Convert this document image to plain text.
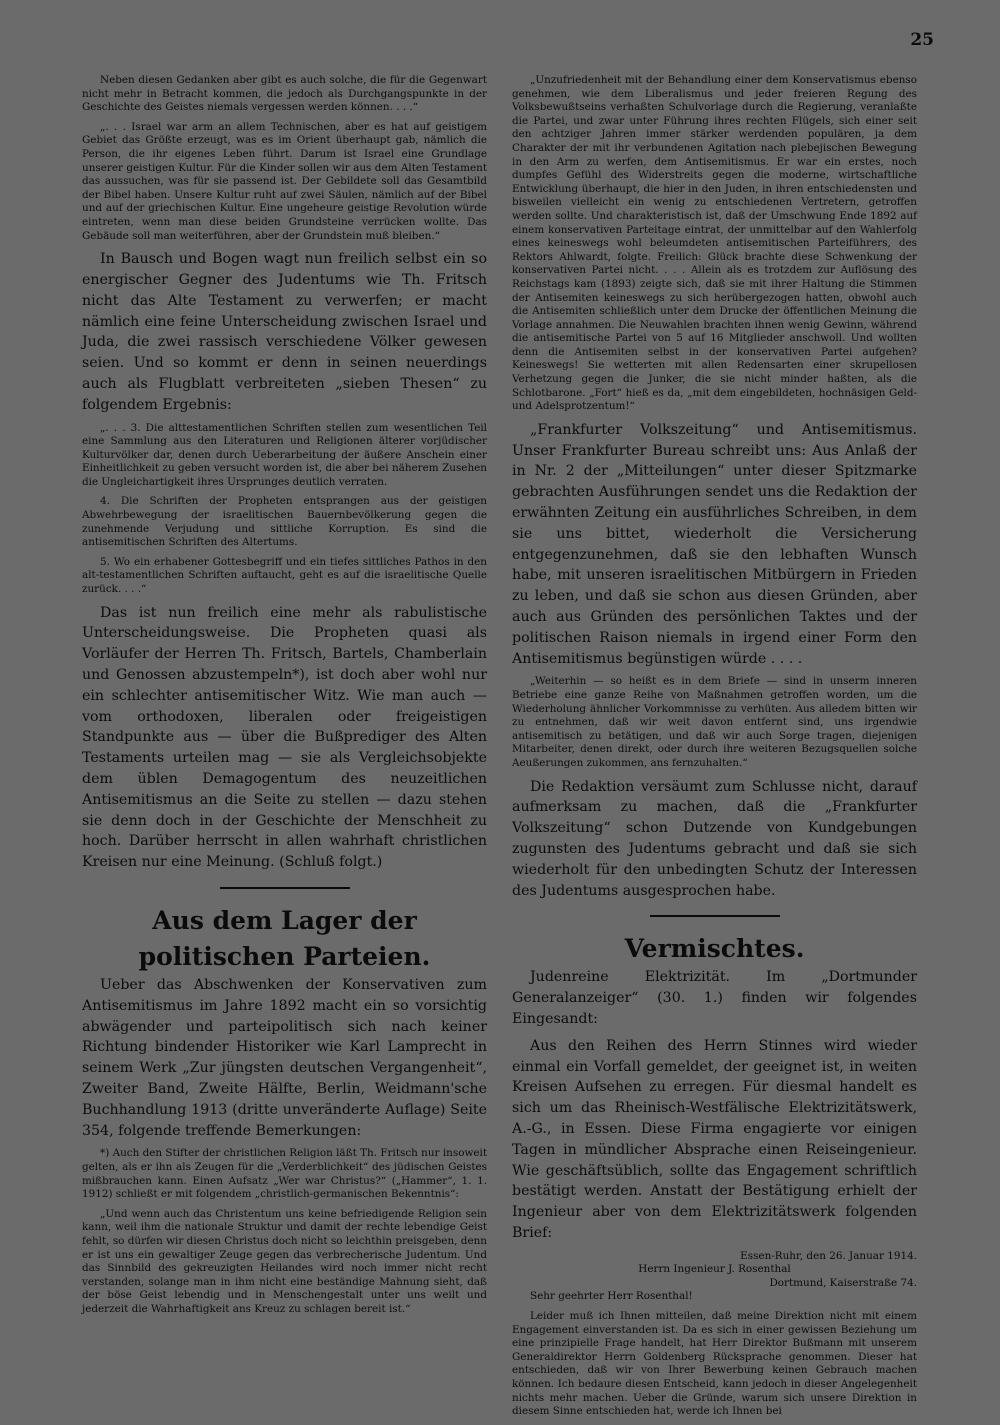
25

Neben diesen Gedanken aber gibt es auch solche, die für die Gegenwart nicht mehr in Betracht kommen, die jedoch als Durchgangspunkte in der Geschichte des Geistes niemals vergessen werden können. . . .“

„. . . Israel war arm an allem Technischen, aber es hat auf geistigem Gebiet das Größte erzeugt, was es im Orient überhaupt gab, nämlich die Person, die ihr eigenes Leben führt. Darum ist Israel eine Grundlage unserer geistigen Kultur. Für die Kinder sollen wir aus dem Alten Testament das aussuchen, was für sie passend ist. Der Gebildete soll das Gesamtbild der Bibel haben. Unsere Kultur ruht auf zwei Säulen, nämlich auf der Bibel und auf der griechischen Kultur. Eine ungeheure geistige Revolution würde eintreten, wenn man diese beiden Grundsteine verrücken wollte. Das Gebäude soll man weiterführen, aber der Grundstein muß bleiben.“

In Bausch und Bogen wagt nun freilich selbst ein so energischer Gegner des Judentums wie Th. Fritsch nicht das Alte Testament zu verwerfen; er macht nämlich eine feine Unterscheidung zwischen Israel und Juda, die zwei rassisch verschiedene Völker gewesen seien. Und so kommt er denn in seinen neuerdings auch als Flugblatt verbreiteten „sieben Thesen“ zu folgendem Ergebnis:

„. . . 3. Die alttestamentlichen Schriften stellen zum wesentlichen Teil eine Sammlung aus den Literaturen und Religionen älterer vorjüdischer Kulturvölker dar, denen durch Ueberarbeitung der äußere Anschein einer Einheitlichkeit zu geben versucht worden ist, die aber bei näherem Zusehen die Ungleichartigkeit ihres Ursprunges deutlich verraten.

4. Die Schriften der Propheten entsprangen aus der geistigen Abwehrbewegung der israelitischen Bauernbevölkerung gegen die zunehmende Verjudung und sittliche Korruption. Es sind die antisemitischen Schriften des Altertums.

5. Wo ein erhabener Gottesbegriff und ein tiefes sittliches Pathos in den alt-testamentlichen Schriften auftaucht, geht es auf die israelitische Quelle zurück. . . .“

Das ist nun freilich eine mehr als rabulistische Unterscheidungsweise. Die Propheten quasi als Vorläufer der Herren Th. Fritsch, Bartels, Chamberlain und Genossen abzustempeln*), ist doch aber wohl nur ein schlechter antisemitischer Witz. Wie man auch — vom orthodoxen, liberalen oder freigeistigen Standpunkte aus — über die Bußprediger des Alten Testaments urteilen mag — sie als Vergleichsobjekte dem üblen Demagogentum des neuzeitlichen Antisemitismus an die Seite zu stellen — dazu stehen sie denn doch in der Geschichte der Menschheit zu hoch. Darüber herrscht in allen wahrhaft christlichen Kreisen nur eine Meinung. (Schluß folgt.)

Aus dem Lager der politischen Parteien.

Ueber das Abschwenken der Konservativen zum Antisemitismus im Jahre 1892 macht ein so vorsichtig abwägender und parteipolitisch sich nach keiner Richtung bindender Historiker wie Karl Lamprecht in seinem Werk „Zur jüngsten deutschen Vergangenheit“, Zweiter Band, Zweite Hälfte, Berlin, Weidmann'sche Buchhandlung 1913 (dritte unveränderte Auflage) Seite 354, folgende treffende Bemerkungen:

*) Auch den Stifter der christlichen Religion läßt Th. Fritsch nur insoweit gelten, als er ihn als Zeugen für die „Verderblichkeit“ des jüdischen Geistes mißbrauchen kann. Einen Aufsatz „Wer war Christus?“ („Hammer“, 1. 1. 1912) schließt er mit folgendem „christlich-germanischen Bekenntnis“:

„Und wenn auch das Christentum uns keine befriedigende Religion sein kann, weil ihm die nationale Struktur und damit der rechte lebendige Geist fehlt, so dürfen wir diesen Christus doch nicht so leichthin preisgeben, denn er ist uns ein gewaltiger Zeuge gegen das verbrecherische Judentum. Und das Sinnbild des gekreuzigten Heilandes wird noch immer nicht recht verstanden, solange man in ihm nicht eine beständige Mahnung sieht, daß der böse Geist lebendig und in Menschengestalt unter uns weilt und jederzeit die Wahrhaftigkeit ans Kreuz zu schlagen bereit ist.“

„Unzufriedenheit mit der Behandlung einer dem Konservatismus ebenso genehmen, wie dem Liberalismus und jeder freieren Regung des Volksbewußtseins verhaßten Schulvorlage durch die Regierung, veranlaßte die Partei, und zwar unter Führung ihres rechten Flügels, sich einer seit den achtziger Jahren immer stärker werdenden populären, ja dem Charakter der mit ihr verbundenen Agitation nach plebejischen Bewegung in den Arm zu werfen, dem Antisemitismus. Er war ein erstes, noch dumpfes Gefühl des Widerstreits gegen die moderne, wirtschaftliche Entwicklung überhaupt, die hier in den Juden, in ihren entschiedensten und bisweilen vielleicht ein wenig zu entschiedenen Vertretern, getroffen werden sollte. Und charakteristisch ist, daß der Umschwung Ende 1892 auf einem konservativen Parteitage eintrat, der unmittelbar auf den Wahlerfolg eines keineswegs wohl beleumdeten antisemitischen Parteiführers, des Rektors Ahlwardt, folgte. Freilich: Glück brachte diese Schwenkung der konservativen Partei nicht. . . . Allein als es trotzdem zur Auflösung des Reichstags kam (1893) zeigte sich, daß sie mit ihrer Haltung die Stimmen der Antisemiten keineswegs zu sich herübergezogen hatten, obwohl auch die Antisemiten schließlich unter dem Drucke der öffentlichen Meinung die Vorlage annahmen. Die Neuwahlen brachten ihnen wenig Gewinn, während die antisemitische Partei von 5 auf 16 Mitglieder anschwoll. Und wollten denn die Antisemiten selbst in der konservativen Partei aufgehen? Keineswegs! Sie wetterten mit allen Redensarten einer skrupellosen Verhetzung gegen die Junker, die sie nicht minder haßten, als die Schlotbarone. „Fort“ hieß es da, „mit dem eingebildeten, hochnäsigen Geld- und Adelsprotzentum!“

„Frankfurter Volkszeitung“ und Antisemitismus. Unser Frankfurter Bureau schreibt uns: Aus Anlaß der in Nr. 2 der „Mitteilungen“ unter dieser Spitzmarke gebrachten Ausführungen sendet uns die Redaktion der erwähnten Zeitung ein ausführliches Schreiben, in dem sie uns bittet, wiederholt die Versicherung entgegenzunehmen, daß sie den lebhaften Wunsch habe, mit unseren israelitischen Mitbürgern in Frieden zu leben, und daß sie schon aus diesen Gründen, aber auch aus Gründen des persönlichen Taktes und der politischen Raison niemals in irgend einer Form den Antisemitismus begünstigen würde . . . .

„Weiterhin — so heißt es in dem Briefe — sind in unserm inneren Betriebe eine ganze Reihe von Maßnahmen getroffen worden, um die Wiederholung ähnlicher Vorkommnisse zu verhüten. Aus alledem bitten wir zu entnehmen, daß wir weit davon entfernt sind, uns irgendwie antisemitisch zu betätigen, und daß wir auch Sorge tragen, diejenigen Mitarbeiter, denen direkt, oder durch ihre weiteren Bezugsquellen solche Aeußerungen zukommen, ans fernzuhalten.“

Die Redaktion versäumt zum Schlusse nicht, darauf aufmerksam zu machen, daß die „Frankfurter Volkszeitung“ schon Dutzende von Kundgebungen zugunsten des Judentums gebracht und daß sie sich wiederholt für den unbedingten Schutz der Interessen des Judentums ausgesprochen habe.

Vermischtes.

Judenreine Elektrizität. Im „Dortmunder Generalanzeiger“ (30. 1.) finden wir folgendes Eingesandt:

Aus den Reihen des Herrn Stinnes wird wieder einmal ein Vorfall gemeldet, der geeignet ist, in weiten Kreisen Aufsehen zu erregen. Für diesmal handelt es sich um das Rheinisch-Westfälische Elektrizitätswerk, A.-G., in Essen. Diese Firma engagierte vor einigen Tagen in mündlicher Absprache einen Reiseingenieur. Wie geschäftsüblich, sollte das Engagement schriftlich bestätigt werden. Anstatt der Bestätigung erhielt der Ingenieur aber von dem Elektrizitätswerk folgenden Brief:

Essen-Ruhr, den 26. Januar 1914.
Herrn Ingenieur J. Rosenthal
Dortmund, Kaiserstraße 74.

Sehr geehrter Herr Rosenthal!

Leider muß ich Ihnen mitteilen, daß meine Direktion nicht mit einem Engagement einverstanden ist. Da es sich in einer gewissen Beziehung um eine prinzipielle Frage handelt, hat Herr Direktor Bußmann mit unserem Generaldirektor Herrn Goldenberg Rücksprache genommen. Dieser hat entschieden, daß wir von Ihrer Bewerbung keinen Gebrauch machen können. Ich bedaure diesen Entscheid, kann jedoch in dieser Angelegenheit nichts mehr machen. Ueber die Gründe, warum sich unsere Direktion in diesem Sinne entschieden hat, werde ich Ihnen bei
